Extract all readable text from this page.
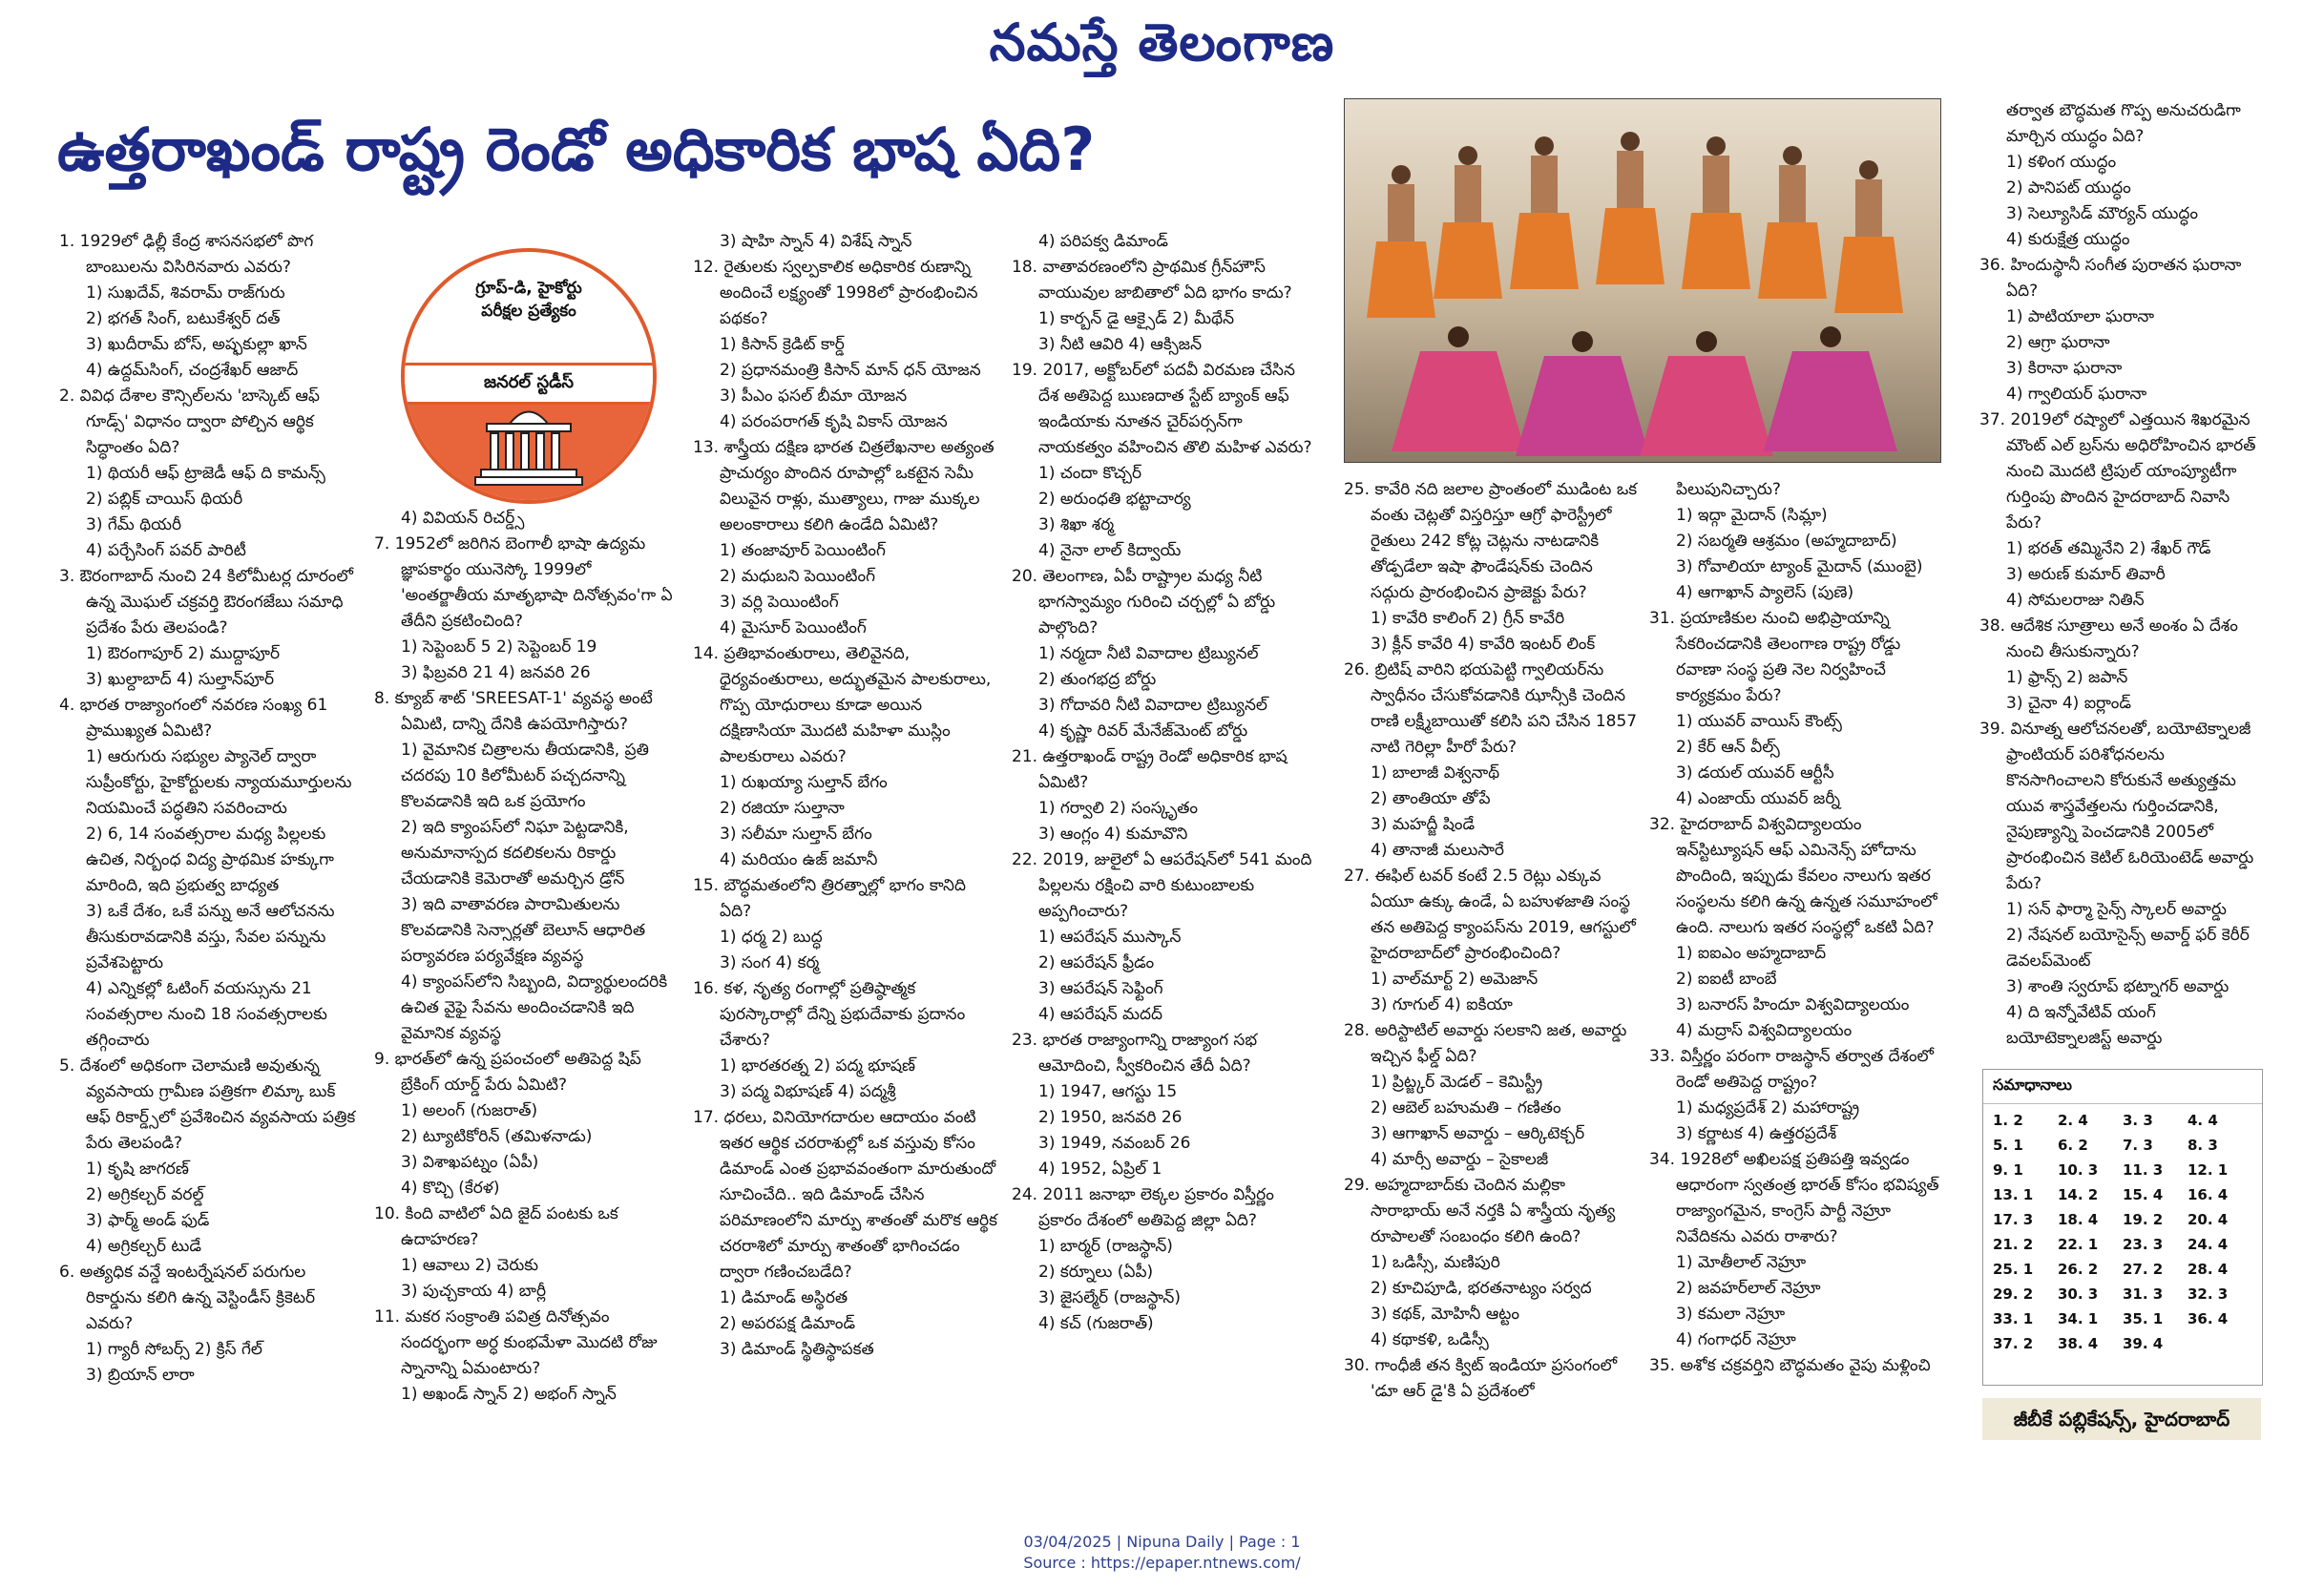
నమస్తే తెలంగాణ
ఉత్తరాఖండ్ రాష్ట్ర రెండో అధికారిక భాష ఏది?
గ్రూప్-డి, హైకోర్టు
పరీక్షల ప్రత్యేకం
జనరల్ స్టడీస్

1. 1929లో ఢిల్లీ కేంద్ర శాసనసభలో పొగ బాంబులను విసిరినవారు ఎవరు?

1) సుఖదేవ్, శివరామ్ రాజ్‌గురు

2) భగత్ సింగ్, బటుకేశ్వర్ దత్

3) ఖుదీరామ్ బోస్, అష్ఫకుల్లా ఖాన్

4) ఉద్దమ్‌సింగ్, చంద్రశేఖర్ ఆజాద్

2. వివిధ దేశాల కౌన్సిల్‌లను 'బాస్కెట్ ఆఫ్ గూడ్స్' విధానం ద్వారా పోల్చిన ఆర్థిక సిద్ధాంతం ఏది?

1) థియరీ ఆఫ్ ట్రాజెడీ ఆఫ్ ది కామన్స్

2) పబ్లిక్ చాయిస్ థియరీ

3) గేమ్ థియరీ

4) పర్చేసింగ్ పవర్ పారిటీ

3. ఔరంగాబాద్ నుంచి 24 కిలోమీటర్ల దూరంలో ఉన్న మొఘల్ చక్రవర్తి ఔరంగజేబు సమాధి ప్రదేశం పేరు తెలపండి?

1) ఔరంగాపూర్ 2) ముద్దాపూర్

3) ఖుల్దాబాద్ 4) సుల్తాన్‌పూర్

4. భారత రాజ్యాంగంలో నవరణ సంఖ్య 61 ప్రాముఖ్యత ఏమిటి?

1) ఆరుగురు సభ్యుల ప్యానెల్ ద్వారా సుప్రీంకోర్టు, హైకోర్టులకు న్యాయమూర్తులను నియమించే పద్ధతిని సవరించారు

2) 6, 14 సంవత్సరాల మధ్య పిల్లలకు ఉచిత, నిర్బంధ విద్య ప్రాథమిక హక్కుగా మారింది, ఇది ప్రభుత్వ బాధ్యత

3) ఒకే దేశం, ఒకే పన్ను అనే ఆలోచనను తీసుకురావడానికి వస్తు, సేవల పన్నును ప్రవేశపెట్టారు

4) ఎన్నికల్లో ఓటింగ్ వయస్సును 21 సంవత్సరాల నుంచి 18 సంవత్సరాలకు తగ్గించారు

5. దేశంలో అధికంగా చెలామణి అవుతున్న వ్యవసాయ గ్రామీణ పత్రికగా లిమ్కా బుక్ ఆఫ్ రికార్డ్స్‌లో ప్రవేశించిన వ్యవసాయ పత్రిక పేరు తెలపండి?

1) కృషి జాగరణ్

2) అగ్రికల్చర్ వరల్డ్

3) ఫార్మ్ అండ్ ఫుడ్

4) అగ్రికల్చర్ టుడే

6. అత్యధిక వన్డే ఇంటర్నేషనల్ పరుగుల రికార్డును కలిగి ఉన్న వెస్టిండీస్ క్రికెటర్ ఎవరు?

1) గ్యారీ సోబర్స్ 2) క్రిస్ గేల్

3) బ్రియాన్ లారా

4) వివియన్ రిచర్డ్స్

7. 1952లో జరిగిన బెంగాలీ భాషా ఉద్యమ జ్ఞాపకార్థం యునెస్కో 1999లో 'అంతర్జాతీయ మాతృభాషా దినోత్సవం'గా ఏ తేదీని ప్రకటించింది?

1) సెప్టెంబర్ 5 2) సెప్టెంబర్ 19

3) ఫిబ్రవరి 21 4) జనవరి 26

8. క్యూబ్ శాట్ 'SREESAT-1' వ్యవస్థ అంటే ఏమిటి, దాన్ని దేనికి ఉపయోగిస్తారు?

1) వైమానిక చిత్రాలను తీయడానికి, ప్రతి చదరపు 10 కిలోమీటర్ పచ్చదనాన్ని కొలవడానికి ఇది ఒక ప్రయోగం

2) ఇది క్యాంపస్‌లో నిఘా పెట్టడానికి, అనుమానాస్పద కదలికలను రికార్డు చేయడానికి కెమెరాతో అమర్చిన డ్రోన్

3) ఇది వాతావరణ పారామితులను కొలవడానికి సెన్సార్లతో బెలూన్ ఆధారిత పర్యావరణ పర్యవేక్షణ వ్యవస్థ

4) క్యాంపస్‌లోని సిబ్బంది, విద్యార్థులందరికి ఉచిత వైఫై సేవను అందించడానికి ఇది వైమానిక వ్యవస్థ

9. భారత్‌లో ఉన్న ప్రపంచంలో అతిపెద్ద షిప్ బ్రేకింగ్ యార్డ్ పేరు ఏమిటి?

1) అలంగ్ (గుజరాత్)

2) ట్యూటికోరిన్ (తమిళనాడు)

3) విశాఖపట్నం (ఏపీ)

4) కొచ్చి (కేరళ)

10. కింది వాటిలో ఏది జైద్ పంటకు ఒక ఉదాహరణ?

1) ఆవాలు 2) చెరుకు

3) పుచ్చకాయ 4) బార్లీ

11. మకర సంక్రాంతి పవిత్ర దినోత్సవం సందర్భంగా అర్ధ కుంభమేళా మొదటి రోజు స్నానాన్ని ఏమంటారు?

1) అఖండ్ స్నాన్ 2) అభంగ్ స్నాన్

3) షాహి స్నాన్ 4) విశేష్ స్నాన్

12. రైతులకు స్వల్పకాలిక అధికారిక రుణాన్ని అందించే లక్ష్యంతో 1998లో ప్రారంభించిన పథకం?

1) కిసాన్ క్రెడిట్ కార్డ్

2) ప్రధానమంత్రి కిసాన్ మాన్ ధన్ యోజన

3) పీఎం ఫసల్ బీమా యోజన

4) పరంపరాగత్ కృషి వికాస్ యోజన

13. శాస్త్రీయ దక్షిణ భారత చిత్రలేఖనాల అత్యంత ప్రాచుర్యం పొందిన రూపాల్లో ఒకటైన సెమీ విలువైన రాళ్లు, ముత్యాలు, గాజు ముక్కల అలంకారాలు కలిగి ఉండేది ఏమిటి?

1) తంజావూర్ పెయింటింగ్

2) మధుబని పెయింటింగ్

3) వర్లి పెయింటింగ్

4) మైసూర్ పెయింటింగ్

14. ప్రతిభావంతురాలు, తెలివైనది, ధైర్యవంతురాలు, అద్భుతమైన పాలకురాలు, గొప్ప యోధురాలు కూడా అయిన దక్షిణాసియా మొదటి మహిళా ముస్లిం పాలకురాలు ఎవరు?

1) రుఖయ్యా సుల్తాన్ బేగం

2) రజియా సుల్తానా

3) సలీమా సుల్తాన్ బేగం

4) మరియం ఉజ్ జమానీ

15. బౌద్ధమతంలోని త్రిరత్నాల్లో భాగం కానిది ఏది?

1) ధర్మ 2) బుద్ధ

3) సంగ 4) కర్మ

16. కళ, నృత్య రంగాల్లో ప్రతిష్ఠాత్మక పురస్కారాల్లో దేన్ని ప్రభుదేవాకు ప్రదానం చేశారు?

1) భారతరత్న 2) పద్మ భూషణ్

3) పద్మ విభూషణ్ 4) పద్మశ్రీ

17. ధరలు, వినియోగదారుల ఆదాయం వంటి ఇతర ఆర్థిక చరరాశుల్లో ఒక వస్తువు కోసం డిమాండ్ ఎంత ప్రభావవంతంగా మారుతుందో సూచించేది.. ఇది డిమాండ్ చేసిన పరిమాణంలోని మార్పు శాతంతో మరొక ఆర్థిక చరరాశిలో మార్పు శాతంతో భాగించడం ద్వారా గణించబడేది?

1) డిమాండ్ అస్థిరత

2) అపరపక్ష డిమాండ్

3) డిమాండ్ స్థితిస్థాపకత

4) పరిపక్వ డిమాండ్

18. వాతావరణంలోని ప్రాథమిక గ్రీన్‌హౌస్ వాయువుల జాబితాలో ఏది భాగం కాదు?

1) కార్బన్ డై ఆక్సైడ్ 2) మీథేన్

3) నీటి ఆవిరి 4) ఆక్సిజన్

19. 2017, అక్టోబర్‌లో పదవీ విరమణ చేసిన దేశ అతిపెద్ద ఋణదాత స్టేట్ బ్యాంక్ ఆఫ్ ఇండియాకు నూతన చైర్‌పర్సన్‌గా నాయకత్వం వహించిన తొలి మహిళ ఎవరు?

1) చందా కొచ్చర్

2) అరుంధతి భట్టాచార్య

3) శిఖా శర్మ

4) నైనా లాల్ కిద్వాయ్

20. తెలంగాణ, ఏపీ రాష్ట్రాల మధ్య నీటి భాగస్వామ్యం గురించి చర్చల్లో ఏ బోర్డు పాల్గొంది?

1) నర్మదా నీటి వివాదాల ట్రిబ్యునల్

2) తుంగభద్ర బోర్డు

3) గోదావరి నీటి వివాదాల ట్రిబ్యునల్

4) కృష్ణా రివర్ మేనేజ్‌మెంట్ బోర్డు

21. ఉత్తరాఖండ్ రాష్ట్ర రెండో అధికారిక భాష ఏమిటి?

1) గర్వాలి 2) సంస్కృతం

3) ఆంగ్లం 4) కుమావొని

22. 2019, జులైలో ఏ ఆపరేషన్‌లో 541 మంది పిల్లలను రక్షించి వారి కుటుంబాలకు అప్పగించారు?

1) ఆపరేషన్ ముస్కాన్

2) ఆపరేషన్ ఫ్రీడం

3) ఆపరేషన్ సెఫ్టింగ్

4) ఆపరేషన్ మదద్

23. భారత రాజ్యాంగాన్ని రాజ్యాంగ సభ ఆమోదించి, స్వీకరించిన తేదీ ఏది?

1) 1947, ఆగస్టు 15

2) 1950, జనవరి 26

3) 1949, నవంబర్ 26

4) 1952, ఏప్రిల్ 1

24. 2011 జనాభా లెక్కల ప్రకారం విస్తీర్ణం ప్రకారం దేశంలో అతిపెద్ద జిల్లా ఏది?

1) బార్మర్ (రాజస్థాన్)

2) కర్నూలు (ఏపీ)

3) జైసల్మేర్ (రాజస్థాన్)

4) కచ్ (గుజరాత్)

25. కావేరి నది జలాల ప్రాంతంలో ముడింట ఒక వంతు చెట్లతో విస్తరిస్తూ ఆగ్రో ఫారెస్ట్రీలో రైతులు 242 కోట్ల చెట్లను నాటడానికి తోడ్పడేలా ఇషా ఫౌండేషన్‌కు చెందిన సద్గురు ప్రారంభించిన ప్రాజెక్టు పేరు?

1) కావేరి కాలింగ్ 2) గ్రీన్ కావేరి

3) క్లీన్ కావేరి 4) కావేరి ఇంటర్ లింక్

26. బ్రిటిష్ వారిని భయపెట్టి గ్వాలియర్‌ను స్వాధీనం చేసుకోవడానికి ఝాన్సీకి చెందిన రాణి లక్ష్మీబాయితో కలిసి పని చేసిన 1857 నాటి గెరిల్లా హీరో పేరు?

1) బాలాజీ విశ్వనాథ్

2) తాంతియా తోపే

3) మహద్జీ షిండే

4) తానాజీ మలుసారే

27. ఈఫిల్ టవర్ కంటే 2.5 రెట్లు ఎక్కువ ఏయూ ఉక్కు ఉండే, ఏ బహుళజాతి సంస్థ తన అతిపెద్ద క్యాంపస్‌ను 2019, ఆగస్టులో హైదరాబాద్‌లో ప్రారంభించింది?

1) వాల్‌మార్ట్ 2) అమెజాన్

3) గూగుల్ 4) ఐకియా

28. అరిస్టాటిల్ అవార్డు సలకాని జత, అవార్డు ఇచ్చిన ఫీల్డ్ ఏది?

1) ప్రిట్జ్కర్ మెడల్ – కెమిస్ట్రీ

2) ఆబెల్ బహుమతి – గణితం

3) ఆగాఖాన్ అవార్డు – ఆర్కిటెక్చర్

4) మార్సీ అవార్డు – సైకాలజీ

29. అహ్మదాబాద్‌కు చెందిన మల్లికా సారాభాయ్ అనే నర్తకి ఏ శాస్త్రీయ నృత్య రూపాలతో సంబంధం కలిగి ఉంది?

1) ఒడిస్సీ, మణిపురి

2) కూచిపూడి, భరతనాట్యం సర్వద

3) కథక్, మోహినీ ఆట్టం

4) కథాకళి, ఒడిస్సీ

30. గాంధీజీ తన క్విట్ ఇండియా ప్రసంగంలో 'డూ ఆర్ డై'కి ఏ ప్రదేశంలో

పిలుపునిచ్చారు?

1) ఇద్గా మైదాన్ (సిమ్లా)

2) సబర్మతి ఆశ్రమం (అహ్మదాబాద్)

3) గోవాలియా ట్యాంక్ మైదాన్ (ముంబై)

4) ఆగాఖాన్ ప్యాలెస్ (పుణె)

31. ప్రయాణికుల నుంచి అభిప్రాయాన్ని సేకరించడానికి తెలంగాణ రాష్ట్ర రోడ్డు రవాణా సంస్థ ప్రతి నెల నిర్వహించే కార్యక్రమం పేరు?

1) యువర్ వాయిస్ కౌంట్స్

2) కేర్ ఆన్ వీల్స్

3) డయల్ యువర్ ఆర్టీసీ

4) ఎంజాయ్ యువర్ జర్నీ

32. హైదరాబాద్ విశ్వవిద్యాలయం ఇన్‌స్టిట్యూషన్ ఆఫ్ ఎమినెన్స్ హోదాను పొందింది, ఇప్పుడు కేవలం నాలుగు ఇతర సంస్థలను కలిగి ఉన్న ఉన్నత సమూహంలో ఉంది. నాలుగు ఇతర సంస్థల్లో ఒకటి ఏది?

1) ఐఐఎం అహ్మదాబాద్

2) ఐఐటీ బాంబే

3) బనారస్ హిందూ విశ్వవిద్యాలయం

4) మద్రాస్ విశ్వవిద్యాలయం

33. విస్తీర్ణం పరంగా రాజస్థాన్ తర్వాత దేశంలో రెండో అతిపెద్ద రాష్ట్రం?

1) మధ్యప్రదేశ్ 2) మహారాష్ట్ర

3) కర్ణాటక 4) ఉత్తరప్రదేశ్

34. 1928లో అఖిలపక్ష ప్రతిపత్తి ఇవ్వడం ఆధారంగా స్వతంత్ర భారత్ కోసం భవిష్యత్ రాజ్యాంగమైన, కాంగ్రెస్ పార్టీ నెహ్రూ నివేదికను ఎవరు రాశారు?

1) మోతీలాల్ నెహ్రూ

2) జవహర్‌లాల్ నెహ్రూ

3) కమలా నెహ్రూ

4) గంగాధర్ నెహ్రూ

35. అశోక చక్రవర్తిని బౌద్ధమతం వైపు మళ్లించి

తర్వాత బౌద్ధమత గొప్ప అనుచరుడిగా మార్చిన యుద్ధం ఏది?

1) కళింగ యుద్ధం

2) పానిపట్ యుద్ధం

3) సెల్యూసిడ్ మౌర్యన్ యుద్ధం

4) కురుక్షేత్ర యుద్ధం

36. హిందుస్థానీ సంగీత పురాతన ఘరానా ఏది?

1) పాటియాలా ఘరానా

2) ఆగ్రా ఘరానా

3) కిరానా ఘరానా

4) గ్వాలియర్ ఘరానా

37. 2019లో రష్యాలో ఎత్తయిన శిఖరమైన మౌంట్ ఎల్ బ్రస్‌ను అధిరోహించిన భారత్ నుంచి మొదటి ట్రిపుల్ యాంప్యూటీగా గుర్తింపు పొందిన హైదరాబాద్ నివాసి పేరు?

1) భరత్ తమ్మినేని 2) శేఖర్ గౌడ్

3) అరుణ్ కుమార్ తివారీ

4) సోమలరాజు నితిన్

38. ఆదేశిక సూత్రాలు అనే అంశం ఏ దేశం నుంచి తీసుకున్నారు?

1) ఫ్రాన్స్ 2) జపాన్

3) చైనా 4) ఐర్లాండ్

39. వినూత్న ఆలోచనలతో, బయోటెక్నాలజీ ఫ్రాంటియర్ పరిశోధనలను కొనసాగించాలని కోరుకునే అత్యుత్తమ యువ శాస్త్రవేత్తలను గుర్తించడానికి, నైపుణ్యాన్ని పెంచడానికి 2005లో ప్రారంభించిన కెటిల్ ఓరియెంటెడ్ అవార్డు పేరు?

1) సన్ ఫార్మా సైన్స్ స్కాలర్ అవార్డు

2) నేషనల్ బయోసైన్స్ అవార్డ్ ఫర్ కెరీర్ డెవలప్‌మెంట్

3) శాంతి స్వరూప్ భట్నాగర్ అవార్డు

4) ది ఇన్నోవేటివ్ యంగ్ బయోటెక్నాలజిస్ట్ అవార్డు

సమాధానాలు
1. 2	2. 4	3. 3	4. 4
5. 1	6. 2	7. 3	8. 3
9. 1	10. 3	11. 3	12. 1
13. 1	14. 2	15. 4	16. 4
17. 3	18. 4	19. 2	20. 4
21. 2	22. 1	23. 3	24. 4
25. 1	26. 2	27. 2	28. 4
29. 2	30. 3	31. 3	32. 3
33. 1	34. 1	35. 1	36. 4
37. 2	38. 4	39. 4
జీబీకే పబ్లికేషన్స్, హైదరాబాద్
03/04/2025 | Nipuna Daily | Page : 1
Source : https://epaper.ntnews.com/
